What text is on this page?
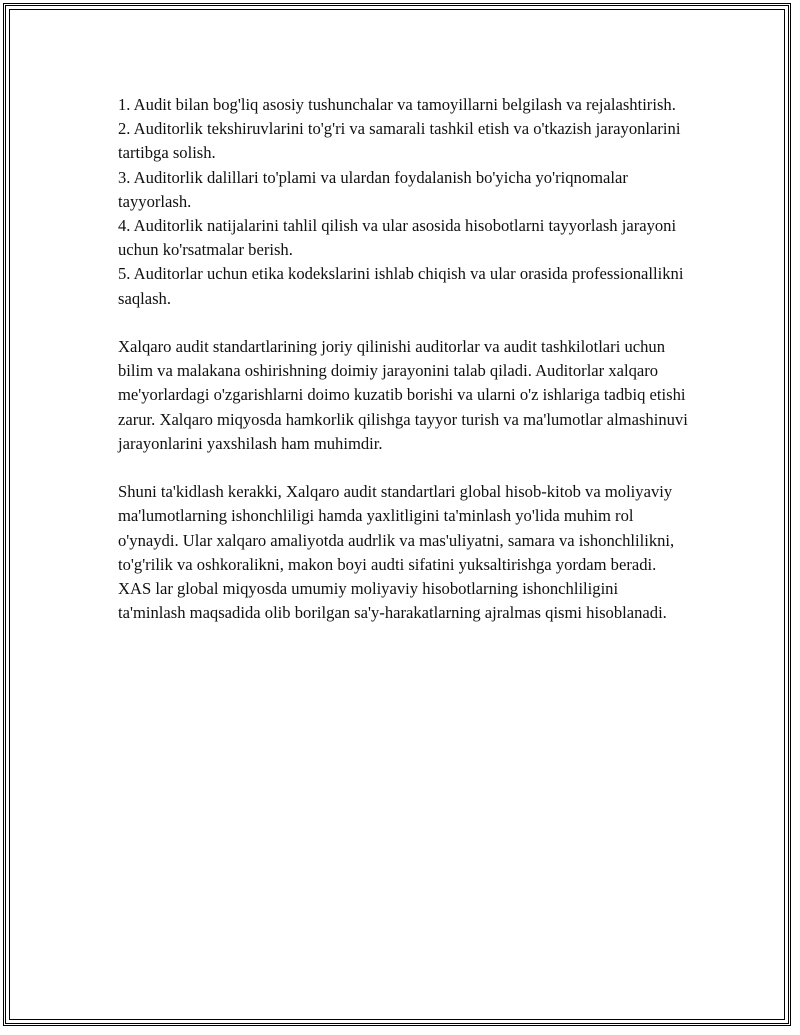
1. Audit bilan bog'liq asosiy tushunchalar va tamoyillarni belgilash va rejalashtirish.

2. Auditorlik tekshiruvlarini to'g'ri va samarali tashkil etish va o'tkazish jarayonlarini tartibga solish.

3. Auditorlik dalillari to'plami va ulardan foydalanish bo'yicha yo'riqnomalar tayyorlash.

4. Auditorlik natijalarini tahlil qilish va ular asosida hisobotlarni tayyorlash jarayoni uchun ko'rsatmalar berish.

5. Auditorlar uchun etika kodekslarini ishlab chiqish va ular orasida professionallikni saqlash.

Xalqaro audit standartlarining joriy qilinishi auditorlar va audit tashkilotlari uchun bilim va malakana oshirishning doimiy jarayonini talab qiladi. Auditorlar xalqaro me'yorlardagi o'zgarishlarni doimo kuzatib borishi va ularni o'z ishlariga tadbiq etishi zarur. Xalqaro miqyosda hamkorlik qilishga tayyor turish va ma'lumotlar almashinuvi jarayonlarini yaxshilash ham muhimdir.

Shuni ta'kidlash kerakki, Xalqaro audit standartlari global hisob-kitob va moliyaviy ma'lumotlarning ishonchliligi hamda yaxlitligini ta'minlash yo'lida muhim rol o'ynaydi. Ular xalqaro amaliyotda audrlik va mas'uliyatni, samara va ishonchlilikni, to'g'rilik va oshkoralikni, makon boyi audti sifatini yuksaltirishga yordam beradi. XAS lar global miqyosda umumiy moliyaviy hisobotlarning ishonchliligini ta'minlash maqsadida olib borilgan sa'y-harakatlarning ajralmas qismi hisoblanadi.
